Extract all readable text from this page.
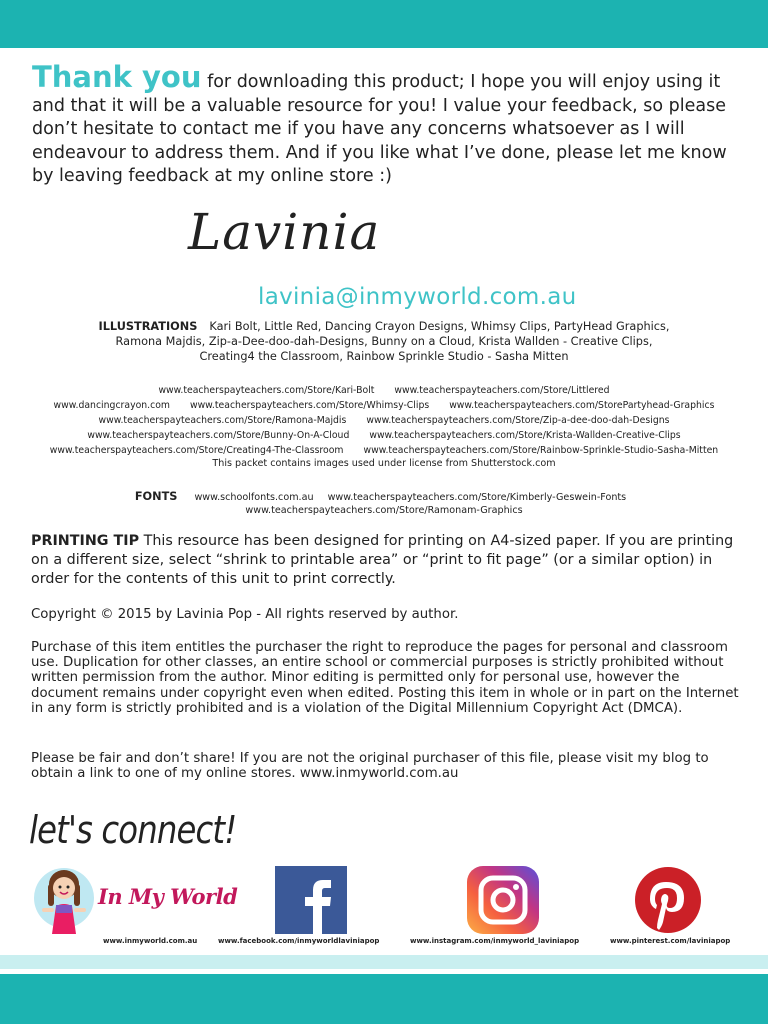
Thank you for downloading this product; I hope you will enjoy using it and that it will be a valuable resource for you! I value your feedback, so please don’t hesitate to contact me if you have any concerns whatsoever as I will endeavour to address them. And if you like what I’ve done, please let me know by leaving feedback at my online store :)
Lavinia
lavinia@inmyworld.com.au
ILLUSTRATIONS Kari Bolt, Little Red, Dancing Crayon Designs, Whimsy Clips, PartyHead Graphics,
Ramona Majdis, Zip-a-Dee-doo-dah-Designs, Bunny on a Cloud, Krista Wallden - Creative Clips,
Creating4 the Classroom, Rainbow Sprinkle Studio - Sasha Mitten
www.teacherspayteachers.com/Store/Kari-Bolt www.teacherspayteachers.com/Store/Littlered
www.dancingcrayon.com www.teacherspayteachers.com/Store/Whimsy-Clips www.teacherspayteachers.com/StorePartyhead-Graphics
www.teacherspayteachers.com/Store/Ramona-Majdis www.teacherspayteachers.com/Store/Zip-a-dee-doo-dah-Designs
www.teacherspayteachers.com/Store/Bunny-On-A-Cloud www.teacherspayteachers.com/Store/Krista-Wallden-Creative-Clips
www.teacherspayteachers.com/Store/Creating4-The-Classroom www.teacherspayteachers.com/Store/Rainbow-Sprinkle-Studio-Sasha-Mitten
This packet contains images used under license from Shutterstock.com
FONTS www.schoolfonts.com.au www.teacherspayteachers.com/Store/Kimberly-Geswein-Fonts
www.teacherspayteachers.com/Store/Ramonam-Graphics
PRINTING TIP This resource has been designed for printing on A4-sized paper. If you are printing on a different size, select “shrink to printable area” or “print to fit page” (or a similar option) in order for the contents of this unit to print correctly.
Copyright © 2015 by Lavinia Pop - All rights reserved by author.
Purchase of this item entitles the purchaser the right to reproduce the pages for personal and classroom use. Duplication for other classes, an entire school or commercial purposes is strictly prohibited without written permission from the author. Minor editing is permitted only for personal use, however the document remains under copyright even when edited. Posting this item in whole or in part on the Internet in any form is strictly prohibited and is a violation of the Digital Millennium Copyright Act (DMCA).
Please be fair and don’t share! If you are not the original purchaser of this file, please visit my blog to obtain a link to one of my online stores. www.inmyworld.com.au
let's connect!
In My World
www.inmyworld.com.au	www.facebook.com/inmyworldlaviniapop	www.instagram.com/inmyworld_laviniapop	www.pinterest.com/laviniapop
